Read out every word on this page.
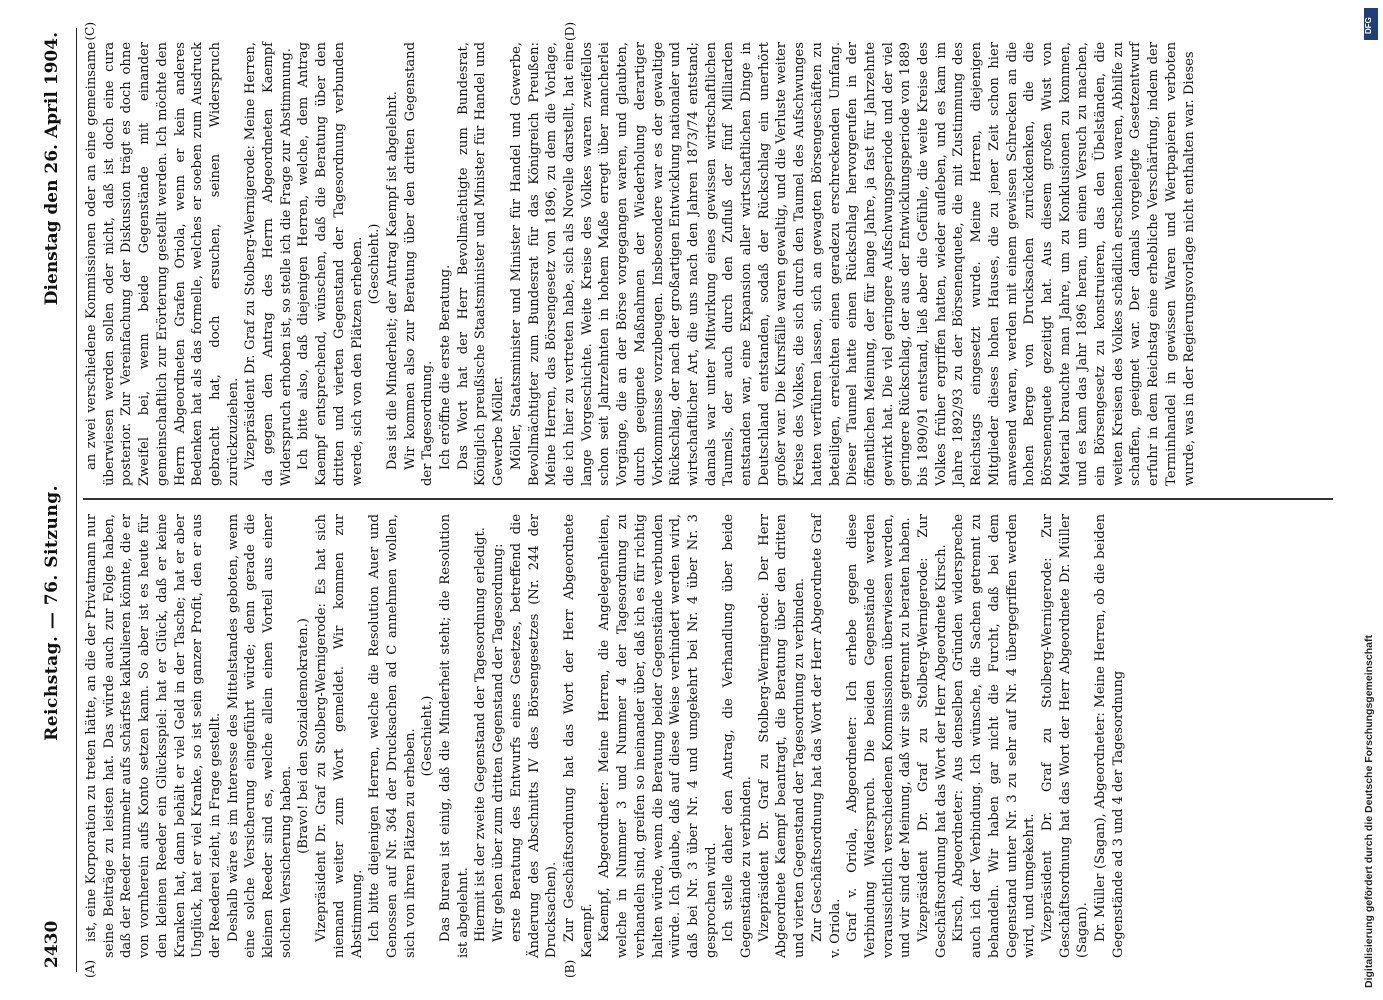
2430
Reichstag. — 76. Sitzung.
Dienstag den 26. April 1904.
(A)	(B)

ist, eine Korporation zu treten hätte, an die der Privatmann nur seine Beiträge zu leisten hat. Das würde auch zur Folge haben, daß der Reeder nunmehr aufs schärfste kalkulieren könnte, die er von vornherein aufs Konto setzen kann. So aber ist es heute für den kleinen Reeder ein Glücksspiel: hat er Glück, daß er keine Kranken hat, dann behält er viel Geld in der Tasche; hat er aber Unglück, hat er viel Kranke, so ist sein ganzer Profit, den er aus der Reederei zieht, in Frage gestellt. Deshalb wäre es im Interesse des Mittelstandes geboten, wenn eine solche Versicherung eingeführt würde; denn gerade die kleinen Reeder sind es, welche allein einen Vorteil aus einer solchen Versicherung haben.

(Bravo! bei den Sozialdemokraten.) Vizepräsident Dr. Graf zu Stolberg-Wernigerode: Es hat sich niemand weiter zum Wort gemeldet. Wir kommen zur Abstimmung. Ich bitte diejenigen Herren, welche die Resolution Auer und Genossen auf Nr. 364 der Drucksachen ad C annehmen wollen, sich von ihren Plätzen zu erheben. (Geschieht.) Das Bureau ist einig, daß die Minderheit steht; die Resolution ist abgelehnt. Hiermit ist der zweite Gegenstand der Tagesordnung erledigt. Wir gehen über zum dritten Gegenstand der Tagesordnung: erste Beratung des Entwurfs eines Gesetzes, betreffend die Änderung des Abschnitts IV des Börsengesetzes (Nr. 244 der Drucksachen). Zur Geschäftsordnung hat das Wort der Herr Abgeordnete Kaempf. Kaempf, Abgeordneter: Meine Herren, die Angelegenheiten, welche in Nummer 3 und Nummer 4 der Tagesordnung zu verhandeln sind, greifen so ineinander über, daß ich es für richtig halten würde, wenn die Beratung beider Gegenstände verbunden würde. Ich glaube, daß auf diese Weise verhindert werden wird, daß bei Nr. 3 über Nr. 4 und umgekehrt bei Nr. 4 über Nr. 3 gesprochen wird. Ich stelle daher den Antrag, die Verhandlung über beide Gegenstände zu verbinden. Vizepräsident Dr. Graf zu Stolberg-Wernigerode: Der Herr Abgeordnete Kaempf beantragt, die Beratung über den dritten und vierten Gegenstand der Tagesordnung zu verbinden. Zur Geschäftsordnung hat das Wort der Herr Abgeordnete Graf v. Oriola. Graf v. Oriola, Abgeordneter: Ich erhebe gegen diese Verbindung Widerspruch. Die beiden Gegenstände werden voraussichtlich verschiedenen Kommissionen überwiesen werden, und wir sind der Meinung, daß wir sie getrennt zu beraten haben. Vizepräsident Dr. Graf zu Stolberg-Wernigerode: Zur Geschäftsordnung hat das Wort der Herr Abgeordnete Kirsch. Kirsch, Abgeordneter: Aus denselben Gründen widerspreche auch ich der Verbindung. Ich wünsche, die Sachen getrennt zu behandeln. Wir haben gar nicht die Furcht, daß bei dem Gegenstand unter Nr. 3 zu sehr auf Nr. 4 übergegriffen werden wird, und umgekehrt. Vizepräsident Dr. Graf zu Stolberg-Wernigerode: Zur Geschäftsordnung hat das Wort der Herr Abgeordnete Dr. Müller (Sagan). Dr. Müller (Sagan), Abgeordneter: Meine Herren, ob die beiden Gegenstände ad 3 und 4 der Tagesordnung

an zwei verschiedene Kommissionen oder an eine gemeinsame überwiesen werden sollen oder nicht, daß ist doch eine cura posterior. Zur Vereinfachung der Diskussion trägt es doch ohne Zweifel bei, wenn beide Gegenstände mit einander gemeinschaftlich zur Erörterung gestellt werden. Ich möchte den Herrn Abgeordneten Grafen Oriola, wenn er kein anderes Bedenken hat als das formelle, welches er soeben zum Ausdruck gebracht hat, doch ersuchen, seinen Widerspruch zurückzuziehen. Vizepräsident Dr. Graf zu Stolberg-Wernigerode: Meine Herren, da gegen den Antrag des Herrn Abgeordneten Kaempf Widerspruch erhoben ist, so stelle ich die Frage zur Abstimmung. Ich bitte also, daß diejenigen Herren, welche, dem Antrag Kaempf entsprechend, wünschen, daß die Beratung über den dritten und vierten Gegenstand der Tagesordnung verbunden werde, sich von den Plätzen erheben. (Geschieht.) Das ist die Minderheit; der Antrag Kaempf ist abgelehnt. Wir kommen also zur Beratung über den dritten Gegenstand der Tagesordnung. Ich eröffne die erste Beratung. Das Wort hat der Herr Bevollmächtigte zum Bundesrat, Königlich preußische Staatsminister und Minister für Handel und Gewerbe Möller. Möller, Staatsminister und Minister für Handel und Gewerbe, Bevollmächtigter zum Bundesrat für das Königreich Preußen: Meine Herren, das Börsengesetz von 1896, zu dem die Vorlage, die ich hier zu vertreten habe, sich als Novelle darstellt, hat eine lange Vorgeschichte. Weite Kreise des Volkes waren zweifellos schon seit Jahrzehnten in hohem Maße erregt über mancherlei Vorgänge, die an der Börse vorgegangen waren, und glaubten, durch geeignete Maßnahmen der Wiederholung derartiger Vorkommnisse vorzubeugen. Insbesondere war es der gewaltige Rückschlag, der nach der großartigen Entwicklung nationaler und wirtschaftlicher Art, die uns nach den Jahren 1873/74 entstand; damals war unter Mitwirkung eines gewissen wirtschaftlichen Taumels, der auch durch den Zufluß der fünf Milliarden entstanden war, eine Expansion aller wirtschaftlichen Dinge in Deutschland entstanden, sodaß der Rückschlag ein unerhört großer war. Die Kursfälle waren gewaltig, und die Verluste weiter Kreise des Volkes, die sich durch den Taumel des Aufschwunges hatten verführen lassen, sich an gewagten Börsengeschäften zu beteiligen, erreichten einen geradezu erschreckenden Umfang. Dieser Taumel hatte einen Rückschlag hervorgerufen in der öffentlichen Meinung, der für lange Jahre, ja fast für Jahrzehnte gewirkt hat. Die viel geringere Aufschwungsperiode und der viel geringere Rückschlag, der aus der Entwicklungsperiode von 1889 bis 1890/91 entstand, ließ aber die Gefühle, die weite Kreise des Volkes früher ergriffen hatten, wieder aufleben, und es kam im Jahre 1892/93 zu der Börsenenquete, die mit Zustimmung des Reichstags eingesetzt wurde. Meine Herren, diejenigen Mitglieder dieses hohen Hauses, die zu jener Zeit schon hier anwesend waren, werden mit einem gewissen Schrecken an die hohen Berge von Drucksachen zurückdenken, die die Börsenenquete gezeitigt hat. Aus diesem großen Wust von Material brauchte man Jahre, um zu Konklusionen zu kommen, und es kam das Jahr 1896 heran, um einen Versuch zu machen, ein Börsengesetz zu konstruieren, das den Übelständen, die weiten Kreisen des Volkes schädlich erschienen waren, Abhilfe zu schaffen, geeignet war. Der damals vorgelegte Gesetzentwurf erfuhr in dem Reichstag eine erhebliche Verschärfung, indem der Terminhandel in gewissen Waren und Wertpapieren verboten wurde, was in der Regierungsvorlage nicht enthalten war. Dieses

(C)	(D)	DFG
Digitalisierung gefördert durch die Deutsche Forschungsgemeinschaft
